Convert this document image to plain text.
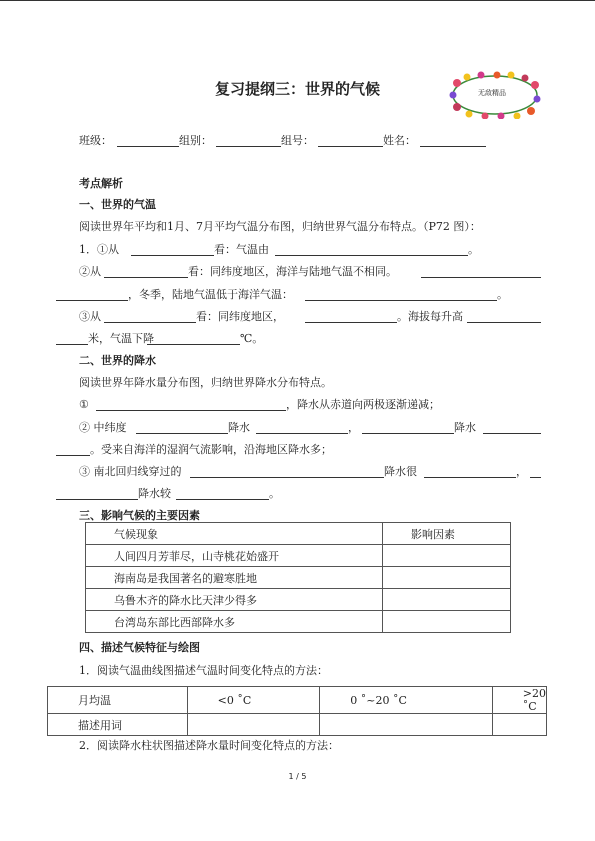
复习提纲三：世界的气候	无敌精品
班级：	组别：	组号：	姓名：
考点解析
一、世界的气温
阅读世界年平均和1月、7月平均气温分布图，归纳世界气温分布特点。（P72 图）：
1．①从	看：气温由	。
②从	看：同纬度地区，海洋与陆地气温不相同。
，冬季，陆地气温低于海洋气温：	。
③从	看：同纬度地区，	。海拔每升高
米，气温下降	℃。
二、世界的降水
阅读世界年降水量分布图，归纳世界降水分布特点。
①	，降水从赤道向两极逐渐递减；
② 中纬度	降水	，	降水
。受来自海洋的湿润气流影响，沿海地区降水多；
③ 南北回归线穿过的	降水很	，
降水较	。
三、影响气候的主要因素
气候现象	影响因素
人间四月芳菲尽，山寺桃花始盛开	
海南岛是我国著名的避寒胜地	
乌鲁木齐的降水比天津少得多	
台湾岛东部比西部降水多	
四、描述气候特征与绘图
1．阅读气温曲线图描述气温时间变化特点的方法：
月均温	<0 ˚C	0 ˚~20 ˚C	>20 ˚C
描述用词			
2．阅读降水柱状图描述降水量时间变化特点的方法：
1 / 5
